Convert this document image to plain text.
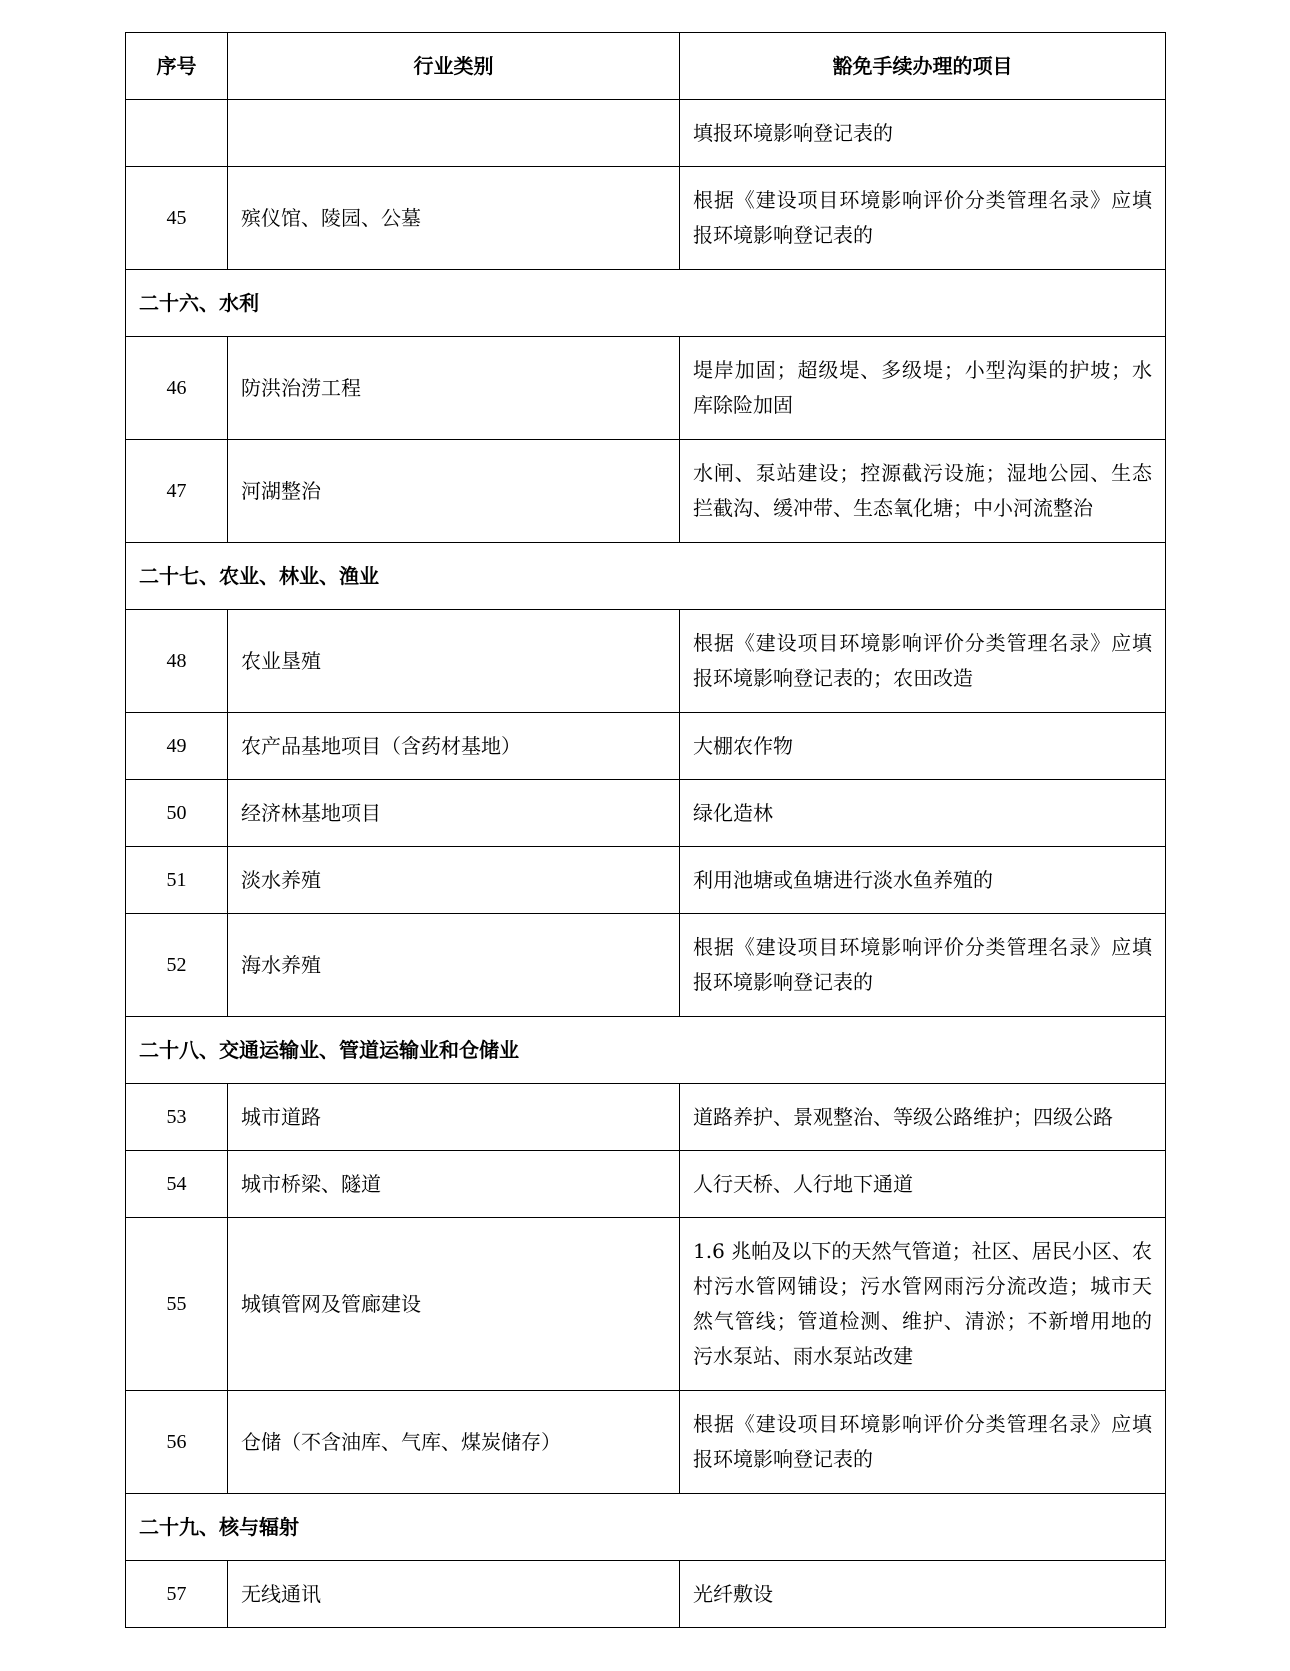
序号	行业类别	豁免手续办理的项目
		填报环境影响登记表的
45	殡仪馆、陵园、公墓	根据《建设项目环境影响评价分类管理名录》应填报环境影响登记表的
二十六、水利		
46	防洪治涝工程	堤岸加固；超级堤、多级堤；小型沟渠的护坡；水库除险加固
47	河湖整治	水闸、泵站建设；控源截污设施；湿地公园、生态拦截沟、缓冲带、生态氧化塘；中小河流整治
二十七、农业、林业、渔业		
48	农业垦殖	根据《建设项目环境影响评价分类管理名录》应填报环境影响登记表的；农田改造
49	农产品基地项目（含药材基地）	大棚农作物
50	经济林基地项目	绿化造林
51	淡水养殖	利用池塘或鱼塘进行淡水鱼养殖的
52	海水养殖	根据《建设项目环境影响评价分类管理名录》应填报环境影响登记表的
二十八、交通运输业、管道运输业和仓储业		
53	城市道路	道路养护、景观整治、等级公路维护；四级公路
54	城市桥梁、隧道	人行天桥、人行地下通道
55	城镇管网及管廊建设	1.6 兆帕及以下的天然气管道；社区、居民小区、农村污水管网铺设；污水管网雨污分流改造；城市天然气管线；管道检测、维护、清淤；不新增用地的污水泵站、雨水泵站改建
56	仓储（不含油库、气库、煤炭储存）	根据《建设项目环境影响评价分类管理名录》应填报环境影响登记表的
二十九、核与辐射		
57	无线通讯	光纤敷设
